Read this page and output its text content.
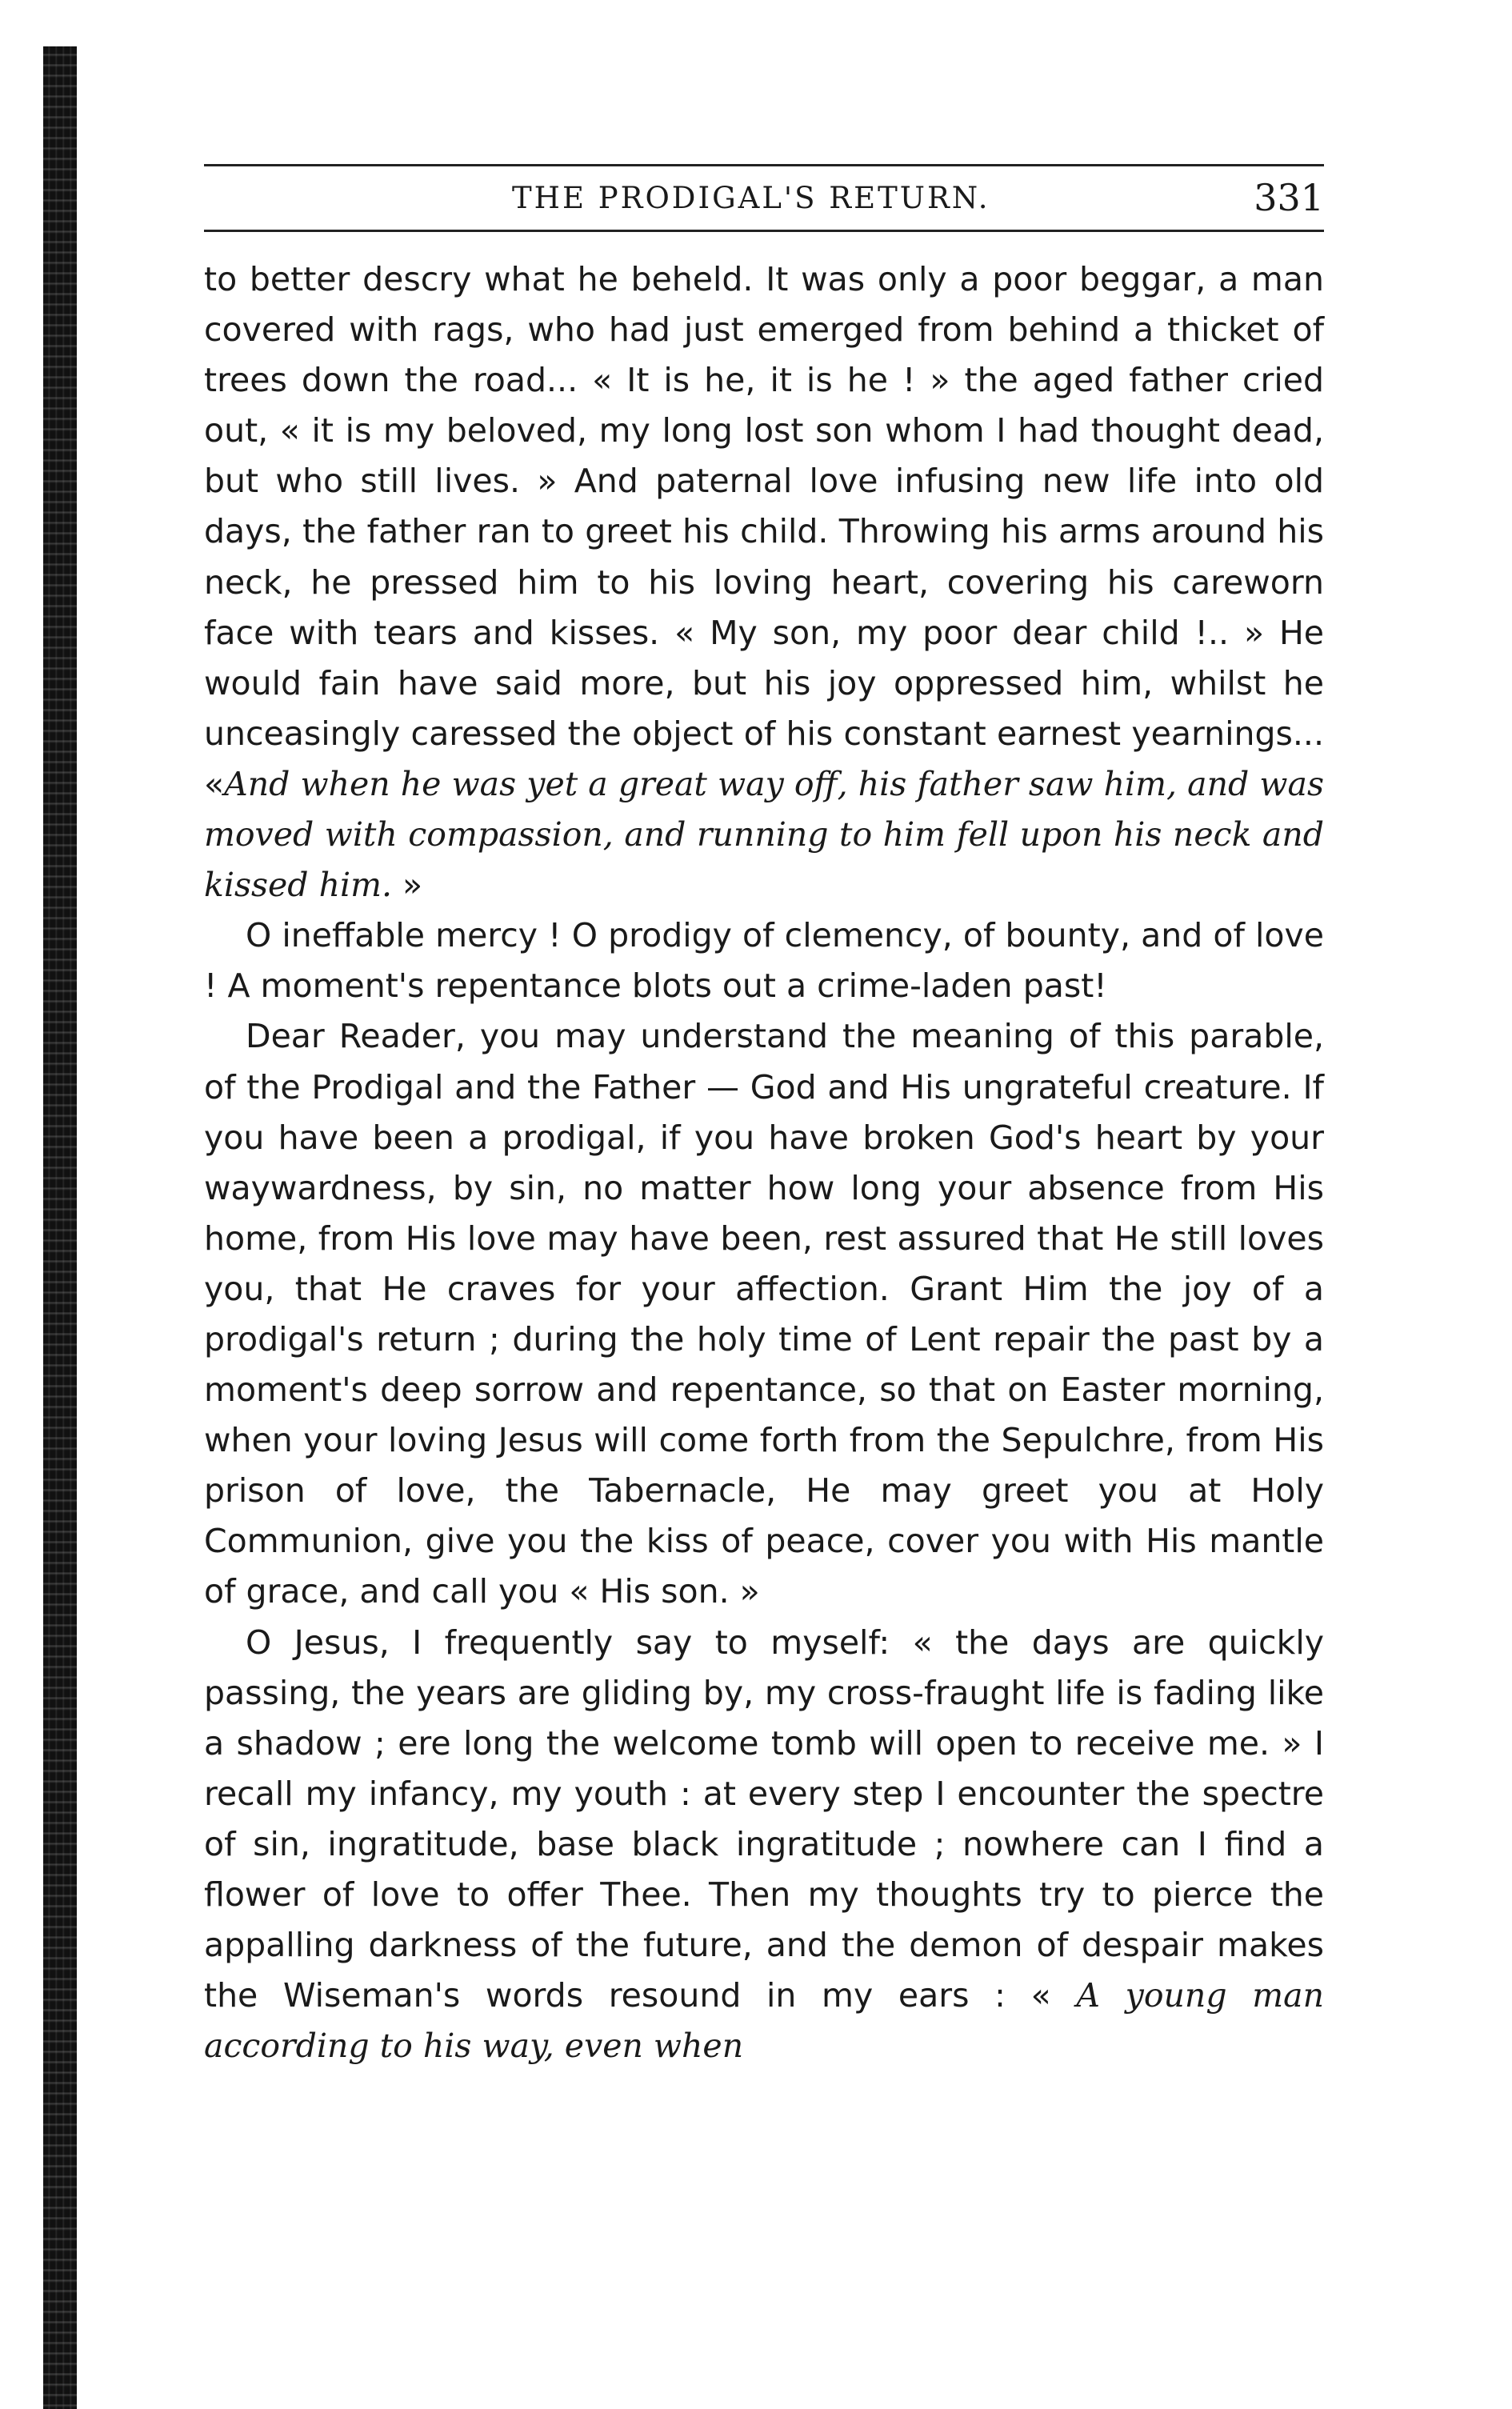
THE PRODIGAL'S RETURN.	331

to better descry what he beheld. It was only a poor beggar, a man covered with rags, who had just emerged from behind a thicket of trees down the road... « It is he, it is he ! » the aged father cried out, « it is my beloved, my long lost son whom I had thought dead, but who still lives. » And paternal love infusing new life into old days, the father ran to greet his child. Throwing his arms around his neck, he pressed him to his loving heart, covering his careworn face with tears and kisses. « My son, my poor dear child !.. » He would fain have said more, but his joy oppressed him, whilst he unceasingly caressed the object of his constant earnest yearnings... «And when he was yet a great way off, his father saw him, and was moved with compassion, and running to him fell upon his neck and kissed him. »

O ineffable mercy ! O prodigy of clemency, of bounty, and of love ! A moment's repentance blots out a crime-laden past!

Dear Reader, you may understand the meaning of this parable, of the Prodigal and the Father — God and His ungrateful creature. If you have been a prodigal, if you have broken God's heart by your waywardness, by sin, no matter how long your absence from His home, from His love may have been, rest assured that He still loves you, that He craves for your affection. Grant Him the joy of a prodigal's return ; during the holy time of Lent repair the past by a moment's deep sorrow and repentance, so that on Easter morning, when your loving Jesus will come forth from the Sepulchre, from His prison of love, the Tabernacle, He may greet you at Holy Communion, give you the kiss of peace, cover you with His mantle of grace, and call you « His son. »

O Jesus, I frequently say to myself: « the days are quickly passing, the years are gliding by, my cross-fraught life is fading like a shadow ; ere long the welcome tomb will open to receive me. » I recall my infancy, my youth : at every step I encounter the spectre of sin, ingratitude, base black ingratitude ; nowhere can I find a flower of love to offer Thee. Then my thoughts try to pierce the appalling darkness of the future, and the demon of despair makes the Wiseman's words resound in my ears : « A young man according to his way, even when
